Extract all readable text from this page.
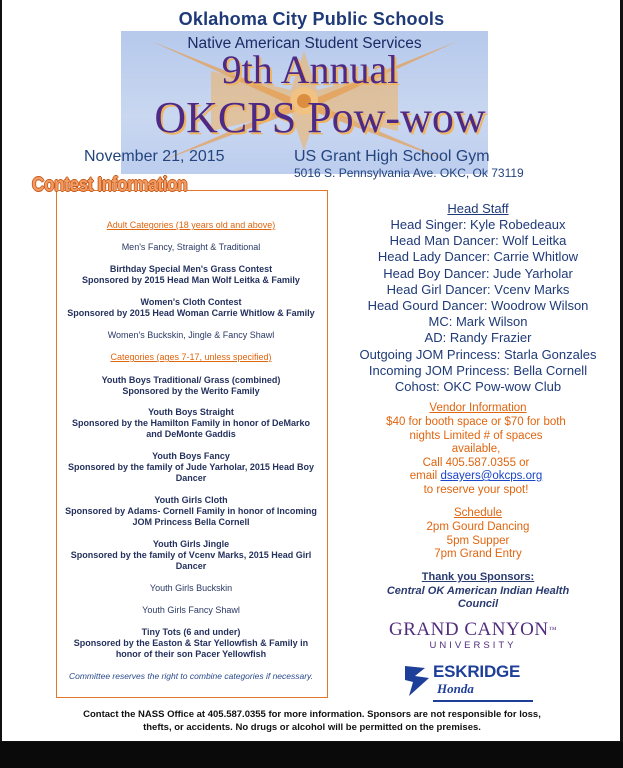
Oklahoma City Public Schools
Native American Student Services
9th Annual
OKCPS Pow-wow
November 21, 2015	US Grant High School Gym
5016 S. Pennsylvania Ave. OKC, Ok 73119
Contest Information
Adult Categories (18 years old and above)
Men's Fancy, Straight & Traditional
Birthday Special Men's Grass Contest
Sponsored by 2015 Head Man Wolf Leitka & Family
Women's Cloth Contest
Sponsored by 2015 Head Woman Carrie Whitlow & Family
Women's Buckskin, Jingle & Fancy Shawl
Categories (ages 7-17, unless specified)
Youth Boys Traditional/ Grass (combined)
Sponsored by the Werito Family
Youth Boys Straight
Sponsored by the Hamilton Family in honor of DeMarko
and DeMonte Gaddis
Youth Boys Fancy
Sponsored by the family of Jude Yarholar, 2015 Head Boy
Dancer
Youth Girls Cloth
Sponsored by Adams- Cornell Family in honor of Incoming
JOM Princess Bella Cornell
Youth Girls Jingle
Sponsored by the family of Vcenv Marks, 2015 Head Girl
Dancer
Youth Girls Buckskin
Youth Girls Fancy Shawl
Tiny Tots (6 and under)
Sponsored by the Easton & Star Yellowfish & Family in
honor of their son Pacer Yellowfish
Committee reserves the right to combine categories if necessary.
Head Staff
Head Singer: Kyle Robedeaux
Head Man Dancer: Wolf Leitka
Head Lady Dancer: Carrie Whitlow
Head Boy Dancer: Jude Yarholar
Head Girl Dancer: Vcenv Marks
Head Gourd Dancer: Woodrow Wilson
MC: Mark Wilson
AD: Randy Frazier
Outgoing JOM Princess: Starla Gonzales
Incoming JOM Princess: Bella Cornell
Cohost: OKC Pow-wow Club
Vendor Information
$40 for booth space or $70 for both
nights Limited # of spaces
available,
Call 405.587.0355 or
email dsayers@okcps.org
to reserve your spot!
Schedule
2pm Gourd Dancing
5pm Supper
7pm Grand Entry
Thank you Sponsors:
Central OK American Indian Health
Council
GRAND CANYON™
UNIVERSITY
ESKRIDGE
Honda
Contact the NASS Office at 405.587.0355 for more information. Sponsors are not responsible for loss,
thefts, or accidents. No drugs or alcohol will be permitted on the premises.
